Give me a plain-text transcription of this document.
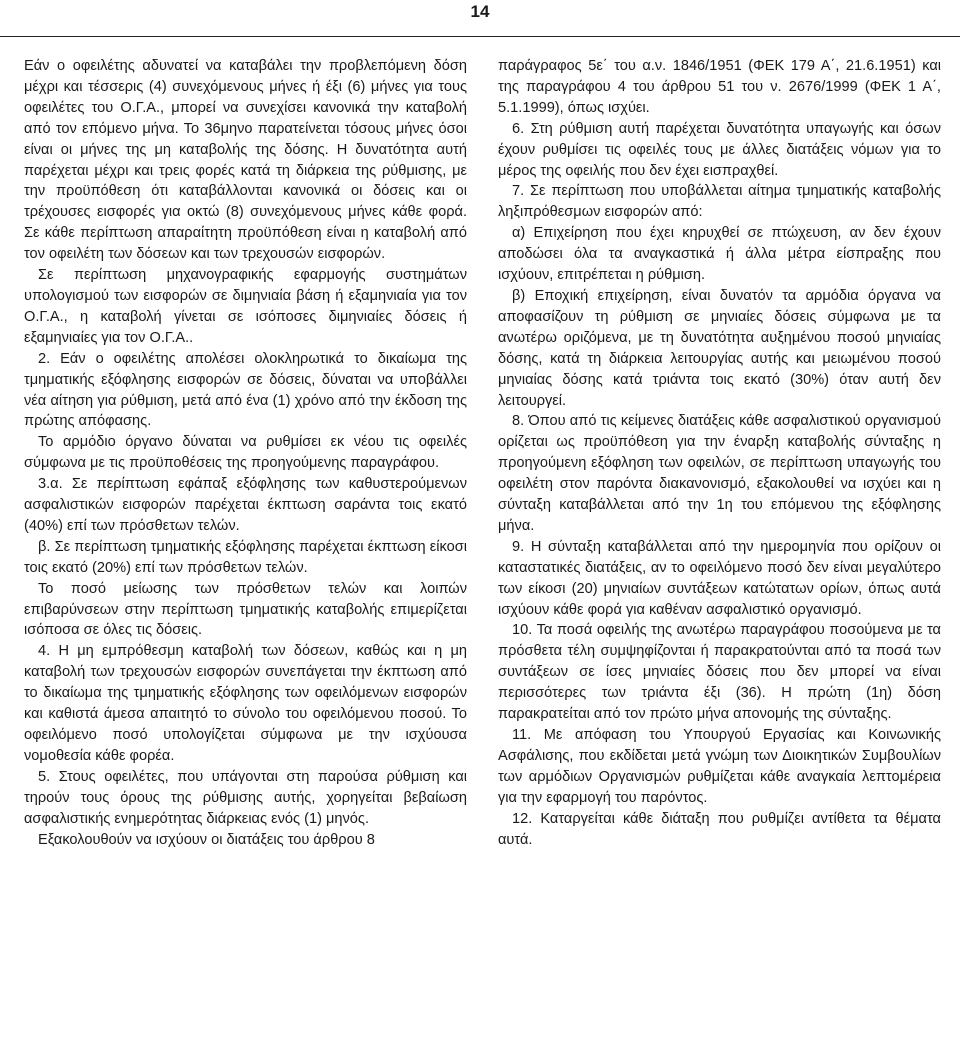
14

Εάν ο οφειλέτης αδυνατεί να καταβάλει την προβλεπόμενη δόση μέχρι και τέσσερις (4) συνεχόμενους μήνες ή έξι (6) μήνες για τους οφειλέτες του Ο.Γ.Α., μπορεί να συνεχίσει κανονικά την καταβολή από τον επόμενο μήνα. Το 36μηνο παρατείνεται τόσους μήνες όσοι είναι οι μήνες της μη καταβολής της δόσης. Η δυνατότητα αυτή παρέχεται μέχρι και τρεις φορές κατά τη διάρκεια της ρύθμισης, με την προϋπόθεση ότι καταβάλλονται κανονικά οι δόσεις και οι τρέχουσες εισφορές για οκτώ (8) συνεχόμενους μήνες κάθε φορά. Σε κάθε περίπτωση απαραίτητη προϋπόθεση είναι η καταβολή από τον οφειλέτη των δόσεων και των τρεχουσών εισφορών.

Σε περίπτωση μηχανογραφικής εφαρμογής συστημάτων υπολογισμού των εισφορών σε διμηνιαία βάση ή εξαμηνιαία για τον Ο.Γ.Α., η καταβολή γίνεται σε ισόποσες διμηνιαίες δόσεις ή εξαμηνιαίες για τον Ο.Γ.Α..

2. Εάν ο οφειλέτης απολέσει ολοκληρωτικά το δικαίωμα της τμηματικής εξόφλησης εισφορών σε δόσεις, δύναται να υποβάλλει νέα αίτηση για ρύθμιση, μετά από ένα (1) χρόνο από την έκδοση της πρώτης απόφασης.

Το αρμόδιο όργανο δύναται να ρυθμίσει εκ νέου τις οφειλές σύμφωνα με τις προϋποθέσεις της προηγούμενης παραγράφου.

3.α. Σε περίπτωση εφάπαξ εξόφλησης των καθυστερούμενων ασφαλιστικών εισφορών παρέχεται έκπτωση σαράντα τοις εκατό (40%) επί των πρόσθετων τελών.

β. Σε περίπτωση τμηματικής εξόφλησης παρέχεται έκπτωση είκοσι τοις εκατό (20%) επί των πρόσθετων τελών.

Το ποσό μείωσης των πρόσθετων τελών και λοιπών επιβαρύνσεων στην περίπτωση τμηματικής καταβολής επιμερίζεται ισόποσα σε όλες τις δόσεις.

4. Η μη εμπρόθεσμη καταβολή των δόσεων, καθώς και η μη καταβολή των τρεχουσών εισφορών συνεπάγεται την έκπτωση από το δικαίωμα της τμηματικής εξόφλησης των οφειλόμενων εισφορών και καθιστά άμεσα απαιτητό το σύνολο του οφειλόμενου ποσού. Το οφειλόμενο ποσό υπολογίζεται σύμφωνα με την ισχύουσα νομοθεσία κάθε φορέα.

5. Στους οφειλέτες, που υπάγονται στη παρούσα ρύθμιση και τηρούν τους όρους της ρύθμισης αυτής, χορηγείται βεβαίωση ασφαλιστικής ενημερότητας διάρκειας ενός (1) μηνός.

Εξακολουθούν να ισχύουν οι διατάξεις του άρθρου 8

παράγραφος 5ε΄ του α.ν. 1846/1951 (ΦΕΚ 179 Α΄, 21.6.1951) και της παραγράφου 4 του άρθρου 51 του ν. 2676/1999 (ΦΕΚ 1 Α΄, 5.1.1999), όπως ισχύει.

6. Στη ρύθμιση αυτή παρέχεται δυνατότητα υπαγωγής και όσων έχουν ρυθμίσει τις οφειλές τους με άλλες διατάξεις νόμων για το μέρος της οφειλής που δεν έχει εισπραχθεί.

7. Σε περίπτωση που υποβάλλεται αίτημα τμηματικής καταβολής ληξιπρόθεσμων εισφορών από:

α) Επιχείρηση που έχει κηρυχθεί σε πτώχευση, αν δεν έχουν αποδώσει όλα τα αναγκαστικά ή άλλα μέτρα είσπραξης που ισχύουν, επιτρέπεται η ρύθμιση.

β) Εποχική επιχείρηση, είναι δυνατόν τα αρμόδια όργανα να αποφασίζουν τη ρύθμιση σε μηνιαίες δόσεις σύμφωνα με τα ανωτέρω οριζόμενα, με τη δυνατότητα αυξημένου ποσού μηνιαίας δόσης, κατά τη διάρκεια λειτουργίας αυτής και μειωμένου ποσού μηνιαίας δόσης κατά τριάντα τοις εκατό (30%) όταν αυτή δεν λειτουργεί.

8. Όπου από τις κείμενες διατάξεις κάθε ασφαλιστικού οργανισμού ορίζεται ως προϋπόθεση για την έναρξη καταβολής σύνταξης η προηγούμενη εξόφληση των οφειλών, σε περίπτωση υπαγωγής του οφειλέτη στον παρόντα διακανονισμό, εξακολουθεί να ισχύει και η σύνταξη καταβάλλεται από την 1η του επόμενου της εξόφλησης μήνα.

9. Η σύνταξη καταβάλλεται από την ημερομηνία που ορίζουν οι καταστατικές διατάξεις, αν το οφειλόμενο ποσό δεν είναι μεγαλύτερο των είκοσι (20) μηνιαίων συντάξεων κατώτατων ορίων, όπως αυτά ισχύουν κάθε φορά για καθέναν ασφαλιστικό οργανισμό.

10. Τα ποσά οφειλής της ανωτέρω παραγράφου ποσούμενα με τα πρόσθετα τέλη συμψηφίζονται ή παρακρατούνται από τα ποσά των συντάξεων σε ίσες μηνιαίες δόσεις που δεν μπορεί να είναι περισσότερες των τριάντα έξι (36). Η πρώτη (1η) δόση παρακρατείται από τον πρώτο μήνα απονομής της σύνταξης.

11. Με απόφαση του Υπουργού Εργασίας και Κοινωνικής Ασφάλισης, που εκδίδεται μετά γνώμη των Διοικητικών Συμβουλίων των αρμόδιων Οργανισμών ρυθμίζεται κάθε αναγκαία λεπτομέρεια για την εφαρμογή του παρόντος.

12. Καταργείται κάθε διάταξη που ρυθμίζει αντίθετα τα θέματα αυτά.
